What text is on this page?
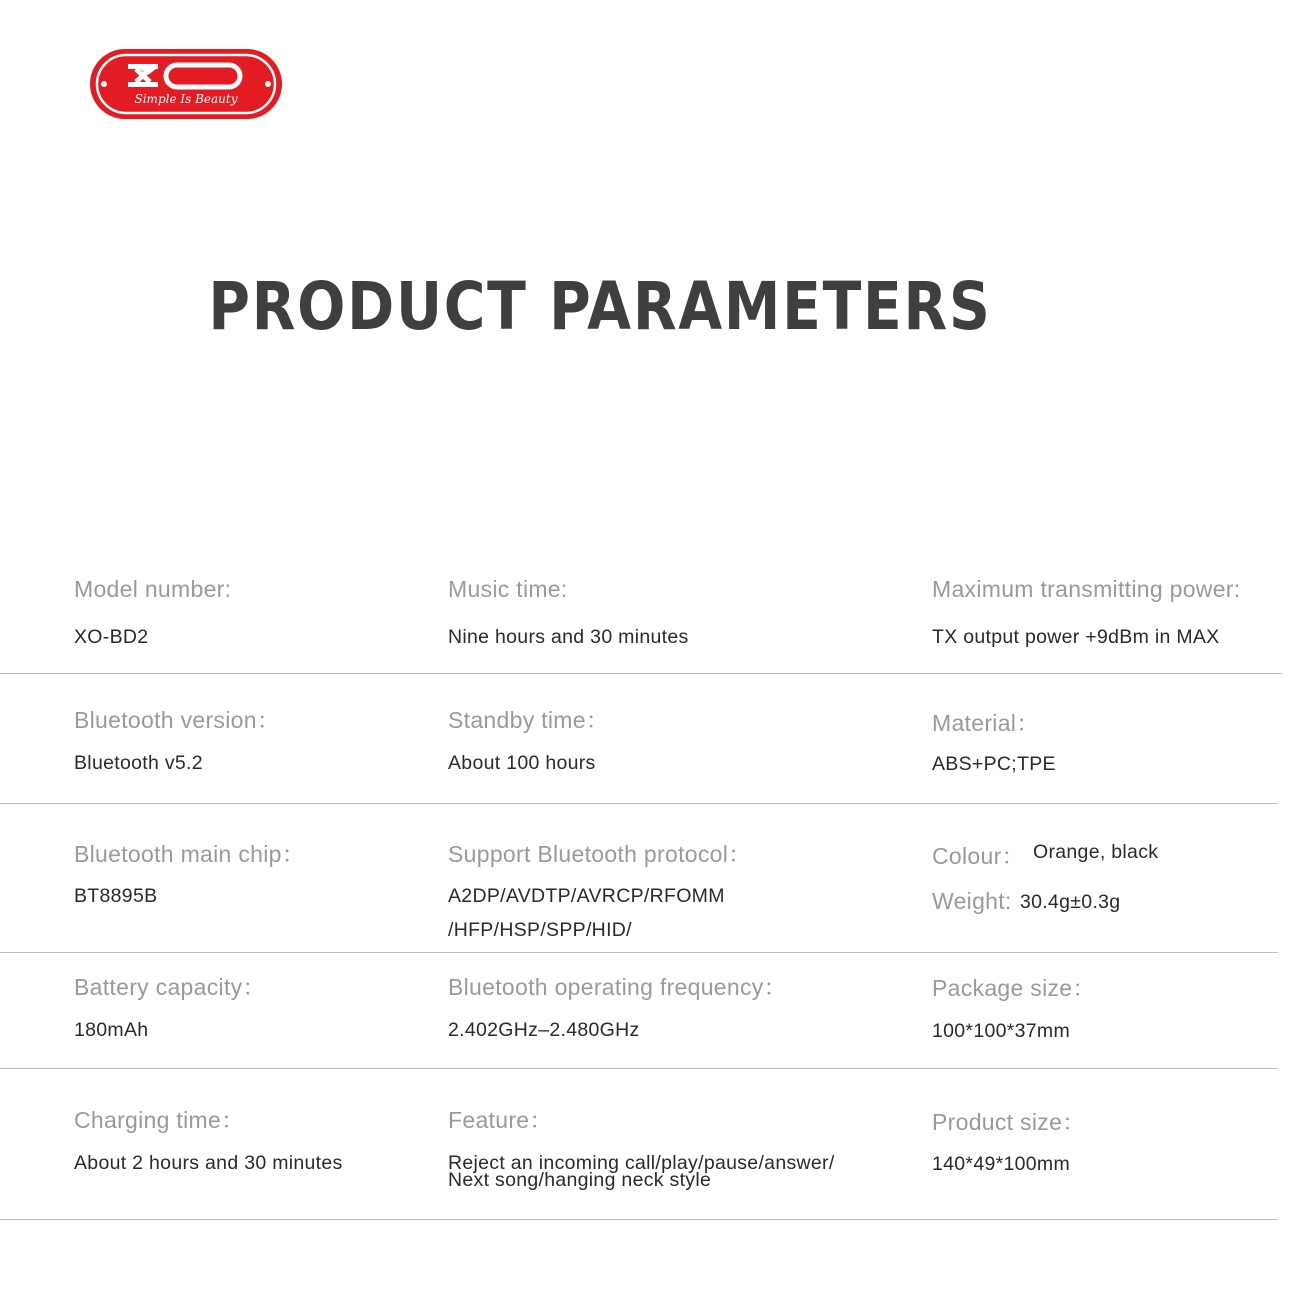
Simple Is Beauty
PRODUCT PARAMETERS
Model number:
XO-BD2
Music time:
Nine hours and 30 minutes
Maximum transmitting power:
TX output power +9dBm in MAX
Bluetooth version：
Bluetooth v5.2
Standby time：
About 100 hours
Material：
ABS+PC;TPE
Bluetooth main chip：
BT8895B
Support Bluetooth protocol：
A2DP/AVDTP/AVRCP/RFOMM
/HFP/HSP/SPP/HID/
Colour： Orange, black
Weight: 30.4g±0.3g
Battery capacity：
180mAh
Bluetooth operating frequency：
2.402GHz–2.480GHz
Package size：
100*100*37mm
Charging time：
About 2 hours and 30 minutes
Feature：
Reject an incoming call/play/pause/answer/
Next song/hanging neck style
Product size：
140*49*100mm
